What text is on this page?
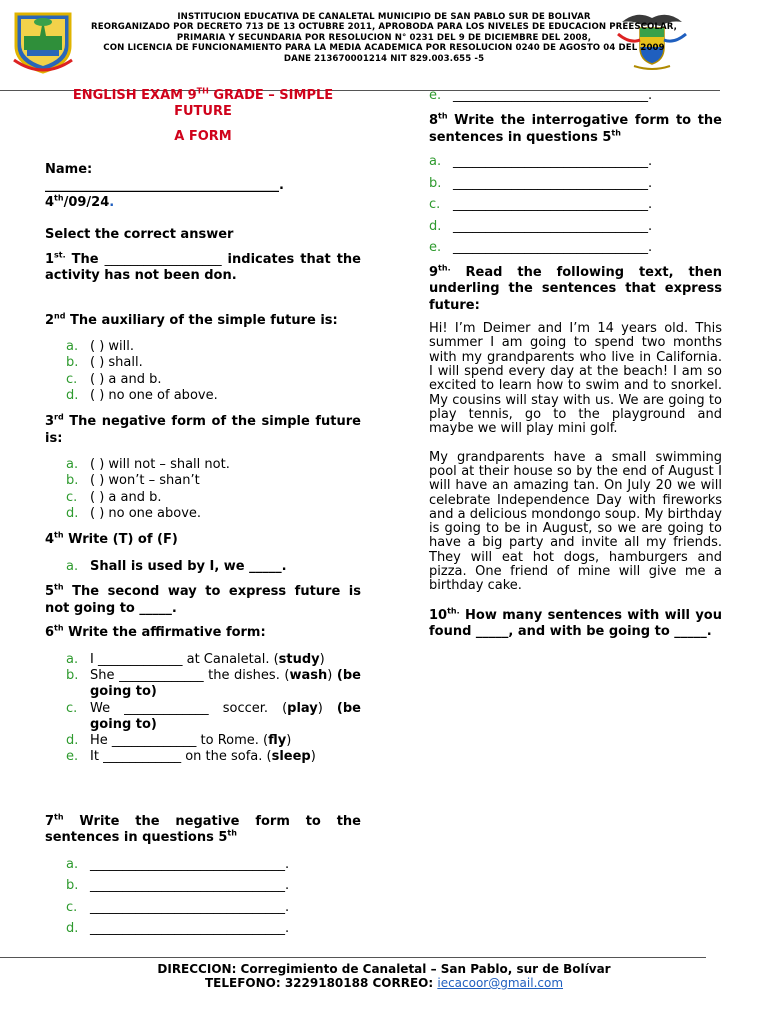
INSTITUCION EDUCATIVA DE CANALETAL MUNICIPIO DE SAN PABLO SUR DE BOLIVAR
REORGANIZADO POR DECRETO 713 DE 13 OCTUBRE 2011, APROBODA PARA LOS NIVELES DE EDUCACION PREESCOLAR,
PRIMARIA Y SECUNDARIA POR RESOLUCION N° 0231 DEL 9 DE DICIEMBRE DEL 2008,
CON LICENCIA DE FUNCIONAMIENTO PARA LA MEDIA ACADEMICA POR RESOLUCION 0240 DE AGOSTO 04 DEL 2009
DANE 213670001214 NIT 829.003.655 -5
ENGLISH EXAM 9TH GRADE – SIMPLE FUTURE
A FORM

Name:

____________________________________.

4th/09/24.

Select the correct answer

$1^{st.}$ The __________________ indicates that the activity has not been don.

2nd The auxiliary of the simple future is:

a. ( ) will.
b. ( ) shall.
c. ( ) a and b.
d. ( ) no one of above.

3rd The negative form of the simple future is:

a. ( ) will not – shall not.
b. ( ) won’t – shan’t
c. ( ) a and b.
d. ( ) no one above.

4th Write (T) of (F)

a. Shall is used by I, we _____.

5th The second way to express future is not going to _____.

6th Write the affirmative form:

a. I _____________ at Canaletal. (study)
b. She _____________ the dishes. (wash) (be going to)
c. We _____________ soccer. (play) (be going to)
d. He _____________ to Rome. (fly)
e. It ____________ on the sofa. (sleep)

7th Write the negative form to the sentences in questions 5th

a. ______________________________.
b. ______________________________.
c. ______________________________.
d. ______________________________.
e. ______________________________.

8th Write the interrogative form to the sentences in questions 5th

a. ______________________________.
b. ______________________________.
c. ______________________________.
d. ______________________________.
e. ______________________________.

$9^{th.}$ Read the following text, then underling the sentences that express future:

Hi! I’m Deimer and I’m 14 years old. This summer I am going to spend two months with my grandparents who live in California. I will spend every day at the beach! I am so excited to learn how to swim and to snorkel. My cousins will stay with us. We are going to play tennis, go to the playground and maybe we will play mini golf.

My grandparents have a small swimming pool at their house so by the end of August I will have an amazing tan. On July 20 we will celebrate Independence Day with fireworks and a delicious mondongo soup. My birthday is going to be in August, so we are going to have a big party and invite all my friends. They will eat hot dogs, hamburgers and pizza. One friend of mine will give me a birthday cake.

$10^{th.}$ How many sentences with will you found _____, and with be going to _____.

DIRECCION: Corregimiento de Canaletal – San Pablo, sur de Bolívar
TELEFONO: 3229180188 CORREO: iecacoor@gmail.com
